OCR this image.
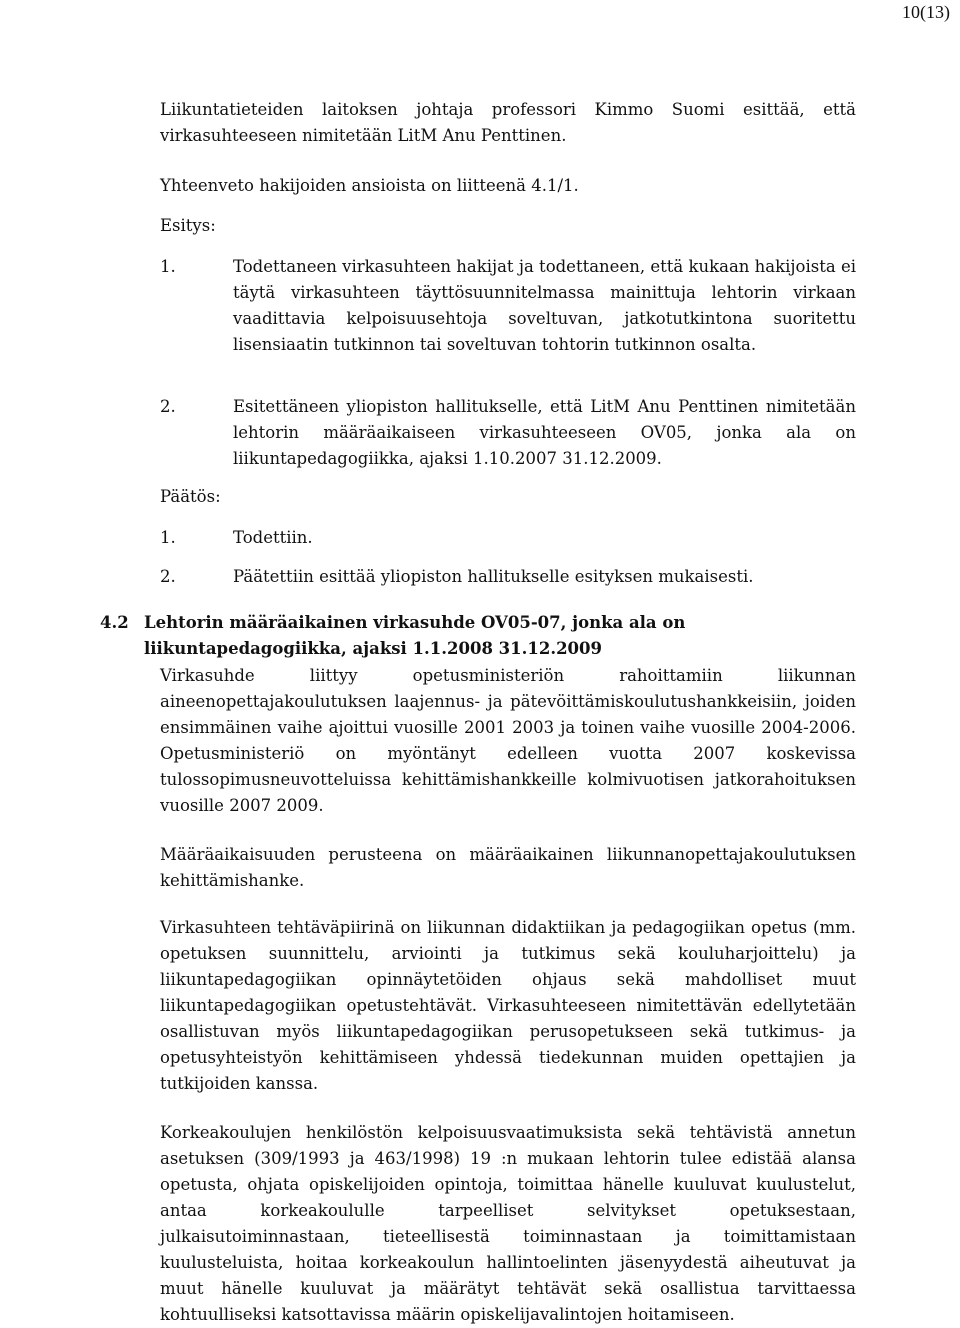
10(13)

Liikuntatieteiden laitoksen johtaja professori Kimmo Suomi esittää, että virkasuhteeseen nimitetään LitM Anu Penttinen.

Yhteenveto hakijoiden ansioista on liitteenä 4.1/1.

Esitys:

1.	Todettaneen virkasuhteen hakijat ja todettaneen, että kukaan hakijoista ei täytä virkasuhteen täyttösuunnitelmassa mainittuja lehtorin virkaan vaadittavia kelpoisuusehtoja soveltuvan, jatkotutkintona suoritettu lisensiaatin tutkinnon tai soveltuvan tohtorin tutkinnon osalta.
2.	Esitettäneen yliopiston hallitukselle, että LitM Anu Penttinen nimitetään lehtorin määräaikaiseen virkasuhteeseen OV05, jonka ala on liikuntapedagogiikka, ajaksi 1.10.2007 31.12.2009.

Päätös:

1.	Todettiin.
2.	Päätettiin esittää yliopiston hallitukselle esityksen mukaisesti.
4.2 Lehtorin määräaikainen virkasuhde OV05-07, jonka ala on liikuntapedagogiikka, ajaksi 1.1.2008 31.12.2009

Virkasuhde liittyy opetusministeriön rahoittamiin liikunnan aineenopettajakoulutuksen laajennus- ja pätevöittämiskoulutushankkeisiin, joiden ensimmäinen vaihe ajoittui vuosille 2001 2003 ja toinen vaihe vuosille 2004-2006. Opetusministeriö on myöntänyt edelleen vuotta 2007 koskevissa tulossopimusneuvotteluissa kehittämishankkeille kolmivuotisen jatkorahoituksen vuosille 2007 2009.

Määräaikaisuuden perusteena on määräaikainen liikunnanopettajakoulutuksen kehittämishanke.

Virkasuhteen tehtäväpiirinä on liikunnan didaktiikan ja pedagogiikan opetus (mm. opetuksen suunnittelu, arviointi ja tutkimus sekä kouluharjoittelu) ja liikuntapedagogiikan opinnäytetöiden ohjaus sekä mahdolliset muut liikuntapedagogiikan opetustehtävät. Virkasuhteeseen nimitettävän edellytetään osallistuvan myös liikuntapedagogiikan perusopetukseen sekä tutkimus- ja opetusyhteistyön kehittämiseen yhdessä tiedekunnan muiden opettajien ja tutkijoiden kanssa.

Korkeakoulujen henkilöstön kelpoisuusvaatimuksista sekä tehtävistä annetun asetuksen (309/1993 ja 463/1998) 19 :n mukaan lehtorin tulee edistää alansa opetusta, ohjata opiskelijoiden opintoja, toimittaa hänelle kuuluvat kuulustelut, antaa korkeakoululle tarpeelliset selvitykset opetuksestaan, julkaisutoiminnastaan, tieteellisestä toiminnastaan ja toimittamistaan kuulusteluista, hoitaa korkeakoulun hallintoelinten jäsenyydestä aiheutuvat ja muut hänelle kuuluvat ja määrätyt tehtävät sekä osallistua tarvittaessa kohtuulliseksi katsottavissa määrin opiskelijavalintojen hoitamiseen.
